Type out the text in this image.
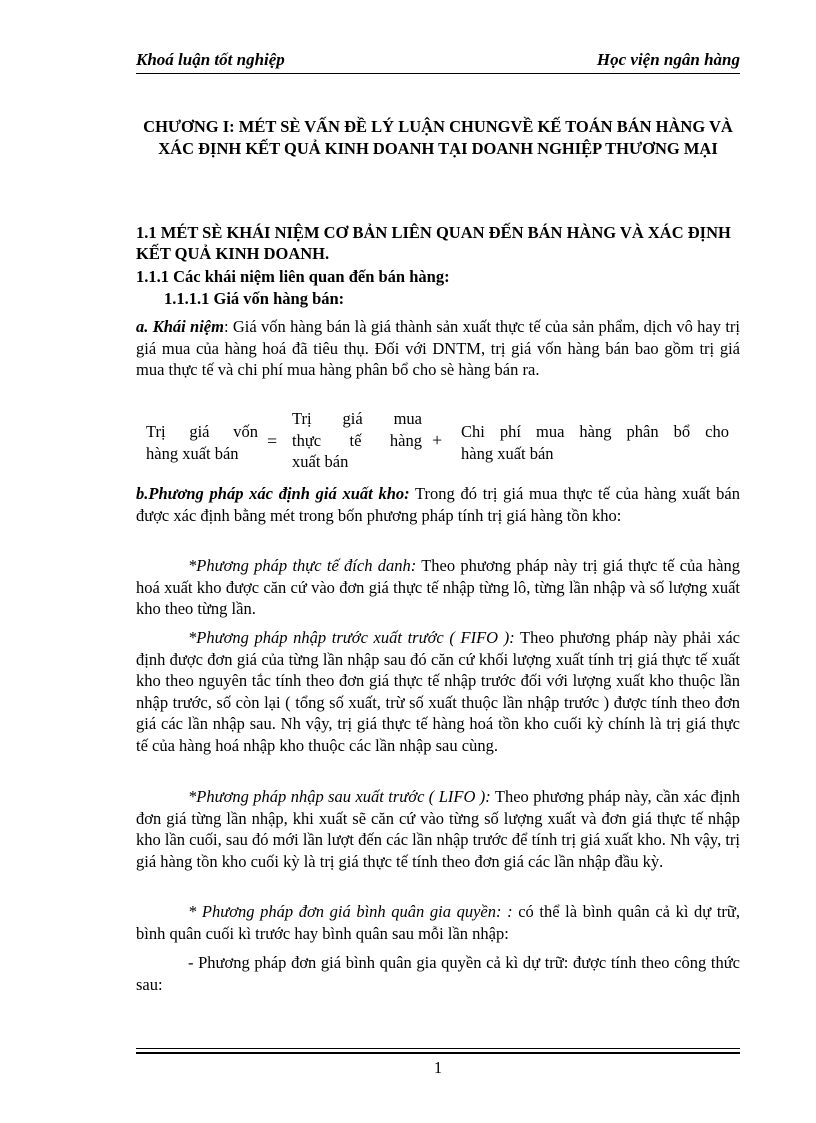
Khoá luận tốt nghiệp	Học viện ngân hàng
CHƯƠNG I: MÉT SÈ VẤN ĐỀ LÝ LUẬN CHUNGVỀ KẾ TOÁN BÁN HÀNG VÀ XÁC ĐỊNH KẾT QUẢ KINH DOANH TẠI DOANH NGHIỆP THƯƠNG MẠI
1.1 MÉT SÈ KHÁI NIỆM CƠ BẢN LIÊN QUAN ĐẾN BÁN HÀNG VÀ XÁC ĐỊNH KẾT QUẢ KINH DOANH.
1.1.1 Các khái niệm liên quan đến bán hàng:
1.1.1.1 Giá vốn hàng bán:
a. Khái niệm: Giá vốn hàng bán là giá thành sản xuất thực tế của sản phẩm, dịch vô hay trị giá mua của hàng hoá đã tiêu thụ. Đối với DNTM, trị giá vốn hàng bán bao gồm trị giá mua thực tế và chi phí mua hàng phân bổ cho sè hàng bán ra.
Trị giá vốn
hàng xuất bán
=
Trị giá mua
thực tế hàng
xuất bán
+ Chi phí mua hàng phân bổ cho
hàng xuất bán
b.Phương pháp xác định giá xuất kho: Trong đó trị giá mua thực tế của hàng xuất bán được xác định bằng mét trong bốn phương pháp tính trị giá hàng tồn kho:
*Phương pháp thực tế đích danh: Theo phương pháp này trị giá thực tế của hàng hoá xuất kho được căn cứ vào đơn giá thực tế nhập từng lô, từng lần nhập và số lượng xuất kho theo từng lần.
*Phương pháp nhập trước xuất trước ( FIFO ): Theo phương pháp này phải xác định được đơn giá của từng lần nhập sau đó căn cứ khối lượng xuất tính trị giá thực tế xuất kho theo nguyên tắc tính theo đơn giá thực tế nhập trước đối với lượng xuất kho thuộc lần nhập trước, số còn lại ( tổng số xuất, trừ số xuất thuộc lần nhập trước ) được tính theo đơn giá các lần nhập sau. Nh vậy, trị giá thực tế hàng hoá tồn kho cuối kỳ chính là trị giá thực tế của hàng hoá nhập kho thuộc các lần nhập sau cùng.
*Phương pháp nhập sau xuất trước ( LIFO ): Theo phương pháp này, cần xác định đơn giá từng lần nhập, khi xuất sẽ căn cứ vào từng số lượng xuất và đơn giá thực tế nhập kho lần cuối, sau đó mới lần lượt đến các lần nhập trước để tính trị giá xuất kho. Nh vậy, trị giá hàng tồn kho cuối kỳ là trị giá thực tế tính theo đơn giá các lần nhập đầu kỳ.
* Phương pháp đơn giá bình quân gia quyền: : có thể là bình quân cả kì dự trữ, bình quân cuối kì trước hay bình quân sau mỗi lần nhập:
- Phương pháp đơn giá bình quân gia quyền cả kì dự trữ: được tính theo công thức sau:
1
